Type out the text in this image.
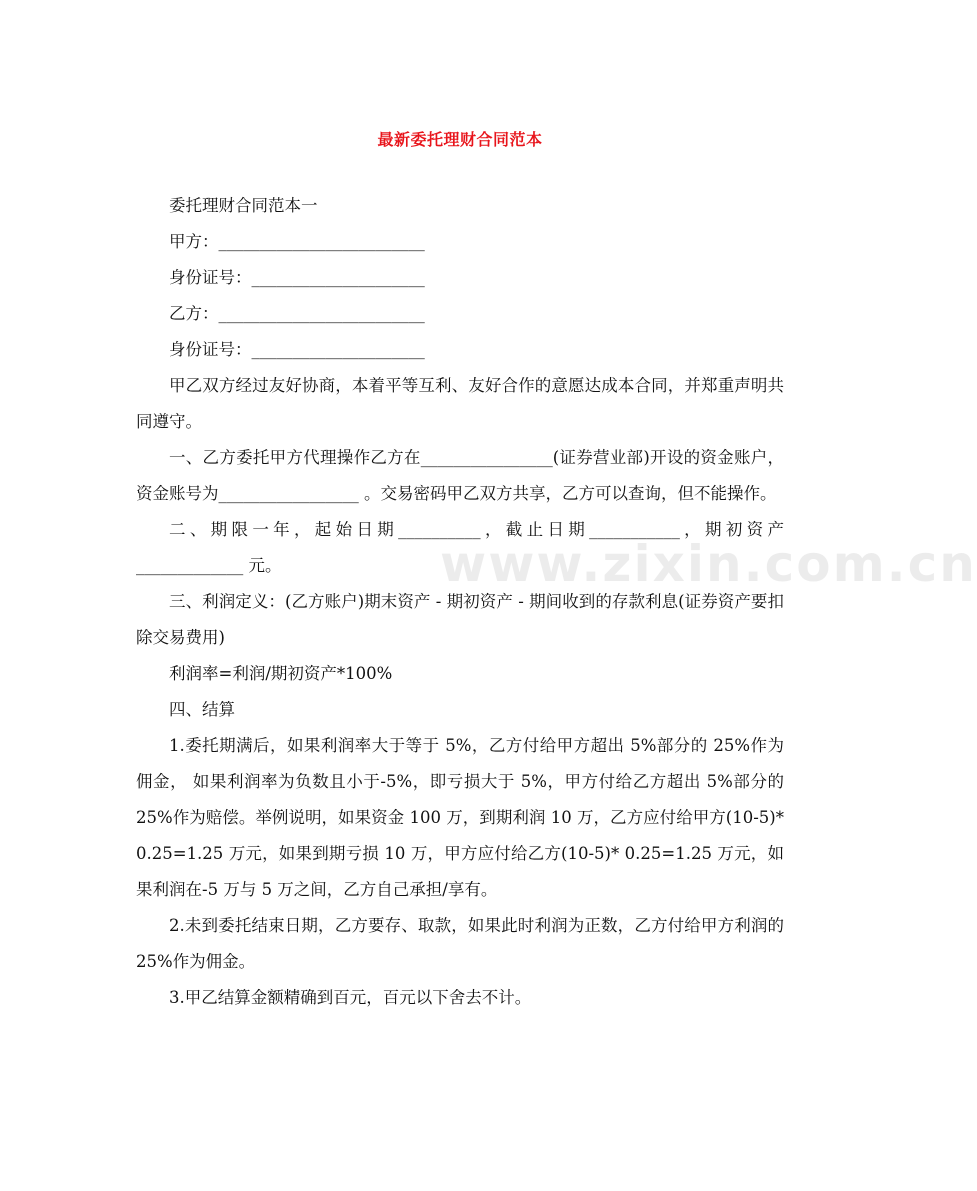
最新委托理财合同范本
www.zixin.com.cn

委托理财合同范本一

甲方：_________________________

身份证号：_____________________

乙方：_________________________

身份证号：_____________________

甲乙双方经过友好协商，本着平等互利、友好合作的意愿达成本合同，并郑重声明共同遵守。

一、乙方委托甲方代理操作乙方在________________(证券营业部)开设的资金账户，资金账号为_________________ 。交易密码甲乙双方共享，乙方可以查询，但不能操作。

二、期限一年，起始日期__________，截止日期___________，期初资产_____________ 元。

三、利润定义：(乙方账户)期末资产 - 期初资产 - 期间收到的存款利息(证券资产要扣除交易费用)

利润率=利润/期初资产*100%

四、结算

1.委托期满后，如果利润率大于等于 5%，乙方付给甲方超出 5%部分的 25%作为佣金， 如果利润率为负数且小于-5%，即亏损大于 5%，甲方付给乙方超出 5%部分的 25%作为赔偿。举例说明，如果资金 100 万，到期利润 10 万，乙方应付给甲方(10-5)* 0.25=1.25 万元，如果到期亏损 10 万，甲方应付给乙方(10-5)* 0.25=1.25 万元，如果利润在-5 万与 5 万之间，乙方自己承担/享有。

2.未到委托结束日期，乙方要存、取款，如果此时利润为正数，乙方付给甲方利润的 25%作为佣金。

3.甲乙结算金额精确到百元，百元以下舍去不计。
